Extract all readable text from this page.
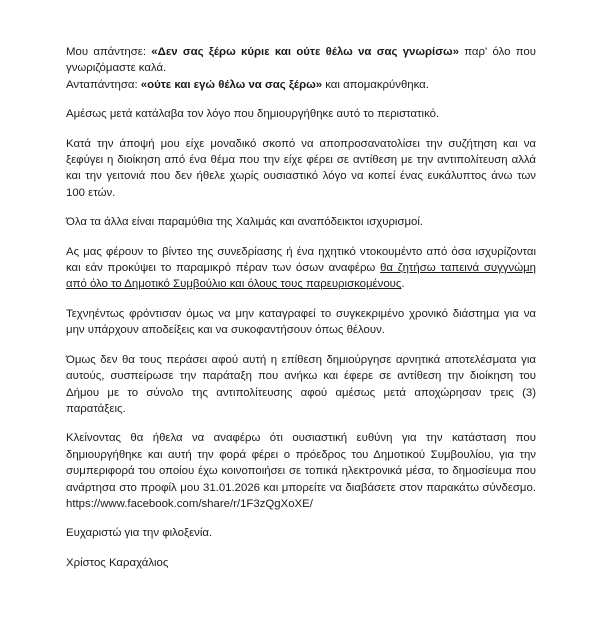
Μου απάντησε: «Δεν σας ξέρω κύριε και ούτε θέλω να σας γνωρίσω» παρ' όλο που γνωριζόμαστε καλά.

Ανταπάντησα: «ούτε και εγώ θέλω να σας ξέρω» και απομακρύνθηκα.

Αμέσως μετά κατάλαβα τον λόγο που δημιουργήθηκε αυτό το περιστατικό.

Κατά την άποψή μου είχε μοναδικό σκοπό να αποπροσανατολίσει την συζήτηση και να ξεφύγει η διοίκηση από ένα θέμα που την είχε φέρει σε αντίθεση με την αντιπολίτευση αλλά και την γειτονιά που δεν ήθελε χωρίς ουσιαστικό λόγο να κοπεί ένας ευκάλυπτος άνω των 100 ετών.

Όλα τα άλλα είναι παραμύθια της Χαλιμάς και αναπόδεικτοι ισχυρισμοί.

Ας μας φέρουν το βίντεο της συνεδρίασης ή ένα ηχητικό ντοκουμέντο από όσα ισχυρίζονται και εάν προκύψει το παραμικρό πέραν των όσων αναφέρω θα ζητήσω ταπεινά συγγνώμη από όλο το Δημοτικό Συμβούλιο και όλους τους παρευρισκομένους.

Τεχνηέντως φρόντισαν όμως να μην καταγραφεί το συγκεκριμένο χρονικό διάστημα για να μην υπάρχουν αποδείξεις και να συκοφαντήσουν όπως θέλουν.

Όμως δεν θα τους περάσει αφού αυτή η επίθεση δημιούργησε αρνητικά αποτελέσματα για αυτούς, συσπείρωσε την παράταξη που ανήκω και έφερε σε αντίθεση την διοίκηση του Δήμου με το σύνολο της αντιπολίτευσης αφού αμέσως μετά αποχώρησαν τρεις (3) παρατάξεις.

Κλείνοντας θα ήθελα να αναφέρω ότι ουσιαστική ευθύνη για την κατάσταση που δημιουργήθηκε και αυτή την φορά φέρει ο πρόεδρος του Δημοτικού Συμβουλίου, για την συμπεριφορά του οποίου έχω κοινοποιήσει σε τοπικά ηλεκτρονικά μέσα, το δημοσίευμα που ανάρτησα στο προφίλ μου 31.01.2026 και μπορείτε να διαβάσετε στον παρακάτω σύνδεσμο. https://www.facebook.com/share/r/1F3zQgXoXE/

Ευχαριστώ για την φιλοξενία.

Χρίστος Καραχάλιος
